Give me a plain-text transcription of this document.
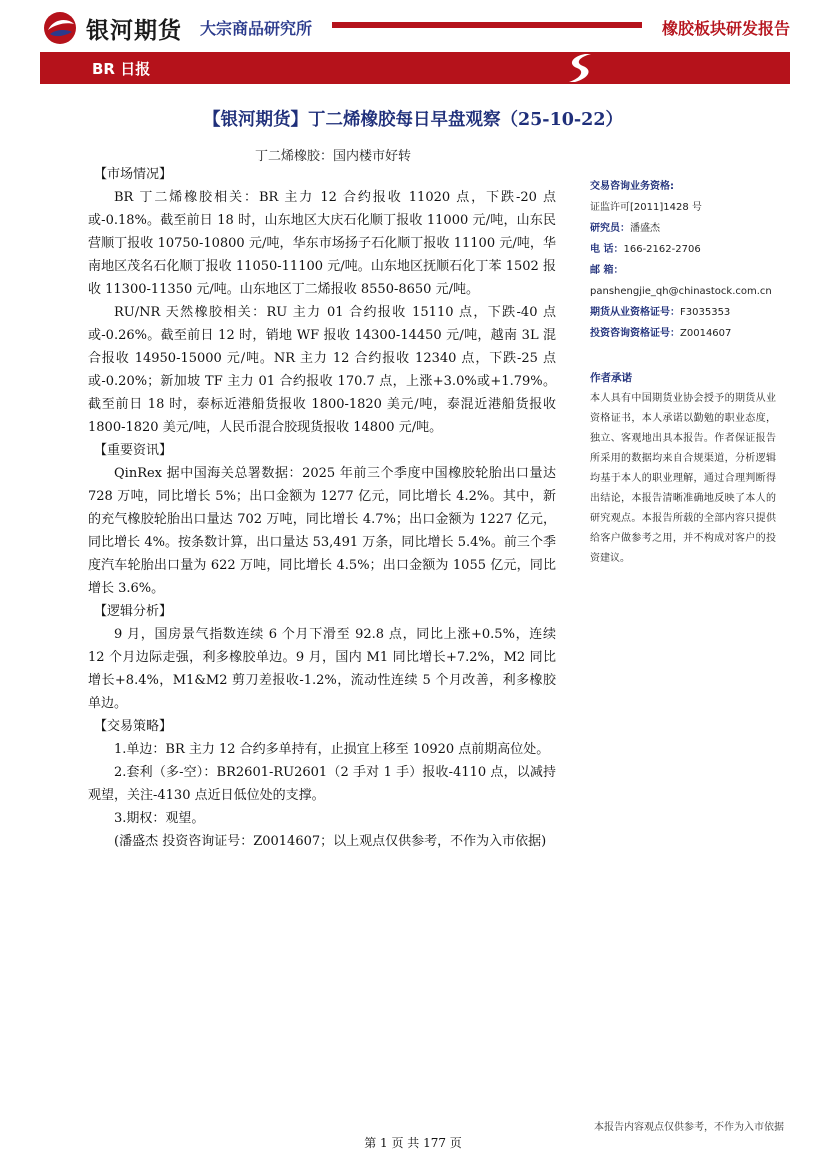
银河期货 大宗商品研究所	橡胶板块研发报告
BR 日报
【银河期货】丁二烯橡胶每日早盘观察（25-10-22）
丁二烯橡胶：国内楼市好转
【市场情况】

BR 丁二烯橡胶相关：BR 主力 12 合约报收 11020 点，下跌-20 点或-0.18%。截至前日 18 时，山东地区大庆石化顺丁报收 11000 元/吨，山东民营顺丁报收 10750-10800 元/吨，华东市场扬子石化顺丁报收 11100 元/吨，华南地区茂名石化顺丁报收 11050-11100 元/吨。山东地区抚顺石化丁苯 1502 报收 11300-11350 元/吨。山东地区丁二烯报收 8550-8650 元/吨。

RU/NR 天然橡胶相关：RU 主力 01 合约报收 15110 点，下跌-40 点或-0.26%。截至前日 12 时，销地 WF 报收 14300-14450 元/吨，越南 3L 混合报收 14950-15000 元/吨。NR 主力 12 合约报收 12340 点，下跌-25 点或-0.20%；新加坡 TF 主力 01 合约报收 170.7 点，上涨+3.0%或+1.79%。截至前日 18 时，泰标近港船货报收 1800-1820 美元/吨，泰混近港船货报收 1800-1820 美元/吨，人民币混合胶现货报收 14800 元/吨。

【重要资讯】

QinRex 据中国海关总署数据：2025 年前三个季度中国橡胶轮胎出口量达 728 万吨，同比增长 5%；出口金额为 1277 亿元，同比增长 4.2%。其中，新的充气橡胶轮胎出口量达 702 万吨，同比增长 4.7%；出口金额为 1227 亿元，同比增长 4%。按条数计算，出口量达 53,491 万条，同比增长 5.4%。前三个季度汽车轮胎出口量为 622 万吨，同比增长 4.5%；出口金额为 1055 亿元，同比增长 3.6%。

【逻辑分析】

9 月，国房景气指数连续 6 个月下滑至 92.8 点，同比上涨+0.5%，连续 12 个月边际走强，利多橡胶单边。9 月，国内 M1 同比增长+7.2%，M2 同比增长+8.4%，M1&M2 剪刀差报收-1.2%，流动性连续 5 个月改善，利多橡胶单边。

【交易策略】

1.单边：BR 主力 12 合约多单持有，止损宜上移至 10920 点前期高位处。

2.套利（多-空）：BR2601-RU2601（2 手对 1 手）报收-4110 点，以减持观望，关注-4130 点近日低位处的支撑。

3.期权：观望。

(潘盛杰 投资咨询证号：Z0014607；以上观点仅供参考，不作为入市依据)

交易咨询业务资格:
证监许可[2011]1428 号
研究员：潘盛杰
电 话：166-2162-2706
邮 箱：
panshengjie_qh@chinastock.com.cn
期货从业资格证号：F3035353
投资咨询资格证号：Z0014607
作者承诺
本人具有中国期货业协会授予的期货从业资格证书，本人承诺以勤勉的职业态度，独立、客观地出具本报告。作者保证报告所采用的数据均来自合规渠道，分析逻辑均基于本人的职业理解，通过合理判断得出结论，本报告清晰准确地反映了本人的研究观点。本报告所载的全部内容只提供给客户做参考之用，并不构成对客户的投资建议。
本报告内容观点仅供参考，不作为入市依据
第 1 页 共 177 页
